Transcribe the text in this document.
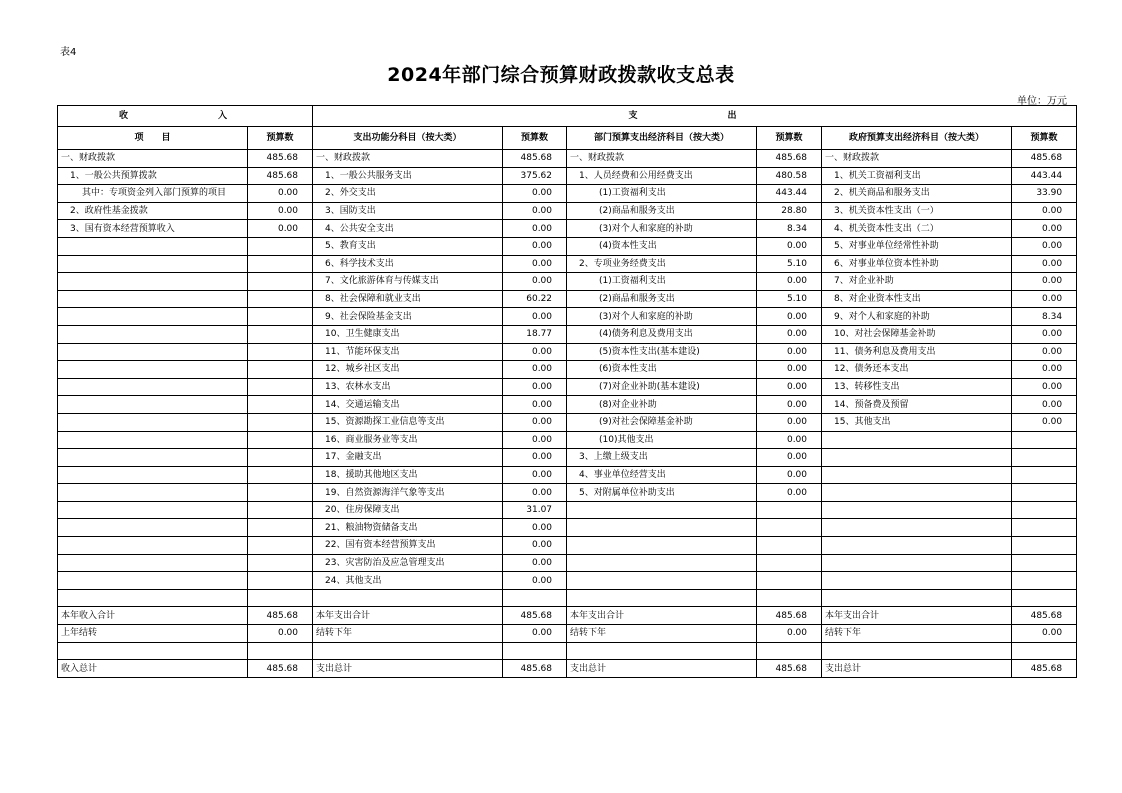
表4
2024年部门综合预算财政拨款收支总表
单位：万元
收　　入		支　　出					
项　　目	预算数	支出功能分科目（按大类）	预算数	部门预算支出经济科目（按大类）	预算数	政府预算支出经济科目（按大类）	预算数
一、财政拨款	485.68	一、财政拨款	485.68	一、财政拨款	485.68	一、财政拨款	485.68
1、一般公共预算拨款	485.68	1、一般公共服务支出	375.62	1、人员经费和公用经费支出	480.58	1、机关工资福利支出	443.44
其中：专项资金列入部门预算的项目	0.00	2、外交支出	0.00	(1)工资福利支出	443.44	2、机关商品和服务支出	33.90
2、政府性基金拨款	0.00	3、国防支出	0.00	(2)商品和服务支出	28.80	3、机关资本性支出（一）	0.00
3、国有资本经营预算收入	0.00	4、公共安全支出	0.00	(3)对个人和家庭的补助	8.34	4、机关资本性支出（二）	0.00
		5、教育支出	0.00	(4)资本性支出	0.00	5、对事业单位经常性补助	0.00
		6、科学技术支出	0.00	2、专项业务经费支出	5.10	6、对事业单位资本性补助	0.00
		7、文化旅游体育与传媒支出	0.00	(1)工资福利支出	0.00	7、对企业补助	0.00
		8、社会保障和就业支出	60.22	(2)商品和服务支出	5.10	8、对企业资本性支出	0.00
		9、社会保险基金支出	0.00	(3)对个人和家庭的补助	0.00	9、对个人和家庭的补助	8.34
		10、卫生健康支出	18.77	(4)债务利息及费用支出	0.00	10、对社会保障基金补助	0.00
		11、节能环保支出	0.00	(5)资本性支出(基本建设)	0.00	11、债务利息及费用支出	0.00
		12、城乡社区支出	0.00	(6)资本性支出	0.00	12、债务还本支出	0.00
		13、农林水支出	0.00	(7)对企业补助(基本建设)	0.00	13、转移性支出	0.00
		14、交通运输支出	0.00	(8)对企业补助	0.00	14、预备费及预留	0.00
		15、资源勘探工业信息等支出	0.00	(9)对社会保障基金补助	0.00	15、其他支出	0.00
		16、商业服务业等支出	0.00	(10)其他支出	0.00		
		17、金融支出	0.00	3、上缴上级支出	0.00		
		18、援助其他地区支出	0.00	4、事业单位经营支出	0.00		
		19、自然资源海洋气象等支出	0.00	5、对附属单位补助支出	0.00		
		20、住房保障支出	31.07				
		21、粮油物资储备支出	0.00				
		22、国有资本经营预算支出	0.00				
		23、灾害防治及应急管理支出	0.00				
		24、其他支出	0.00				

本年收入合计	485.68	本年支出合计	485.68	本年支出合计	485.68	本年支出合计	485.68
上年结转	0.00	结转下年	0.00	结转下年	0.00	结转下年	0.00

收入总计	485.68	支出总计	485.68	支出总计	485.68	支出总计	485.68
